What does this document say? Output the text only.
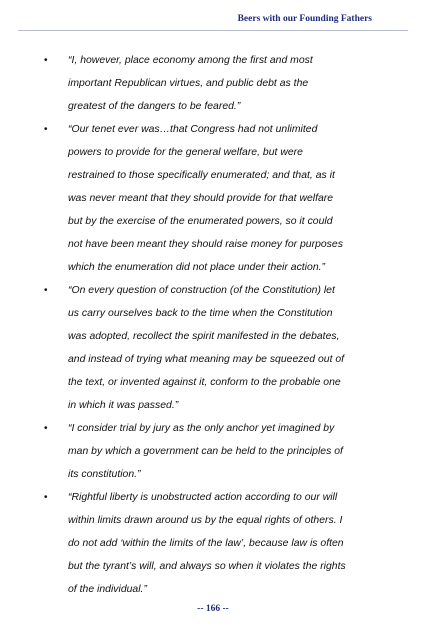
Beers with our Founding Fathers
• “I, however, place economy among the first and most important Republican virtues, and public debt as the greatest of the dangers to be feared.”
• “Our tenet ever was…that Congress had not unlimited powers to provide for the general welfare, but were restrained to those specifically enumerated; and that, as it was never meant that they should provide for that welfare but by the exercise of the enumerated powers, so it could not have been meant they should raise money for purposes which the enumeration did not place under their action.”
• “On every question of construction (of the Constitution) let us carry ourselves back to the time when the Constitution was adopted, recollect the spirit manifested in the debates, and instead of trying what meaning may be squeezed out of the text, or invented against it, conform to the probable one in which it was passed.”
• “I consider trial by jury as the only anchor yet imagined by man by which a government can be held to the principles of its constitution.”
• “Rightful liberty is unobstructed action according to our will within limits drawn around us by the equal rights of others. I do not add ‘within the limits of the law’, because law is often but the tyrant’s will, and always so when it violates the rights of the individual.”
-- 166 --
